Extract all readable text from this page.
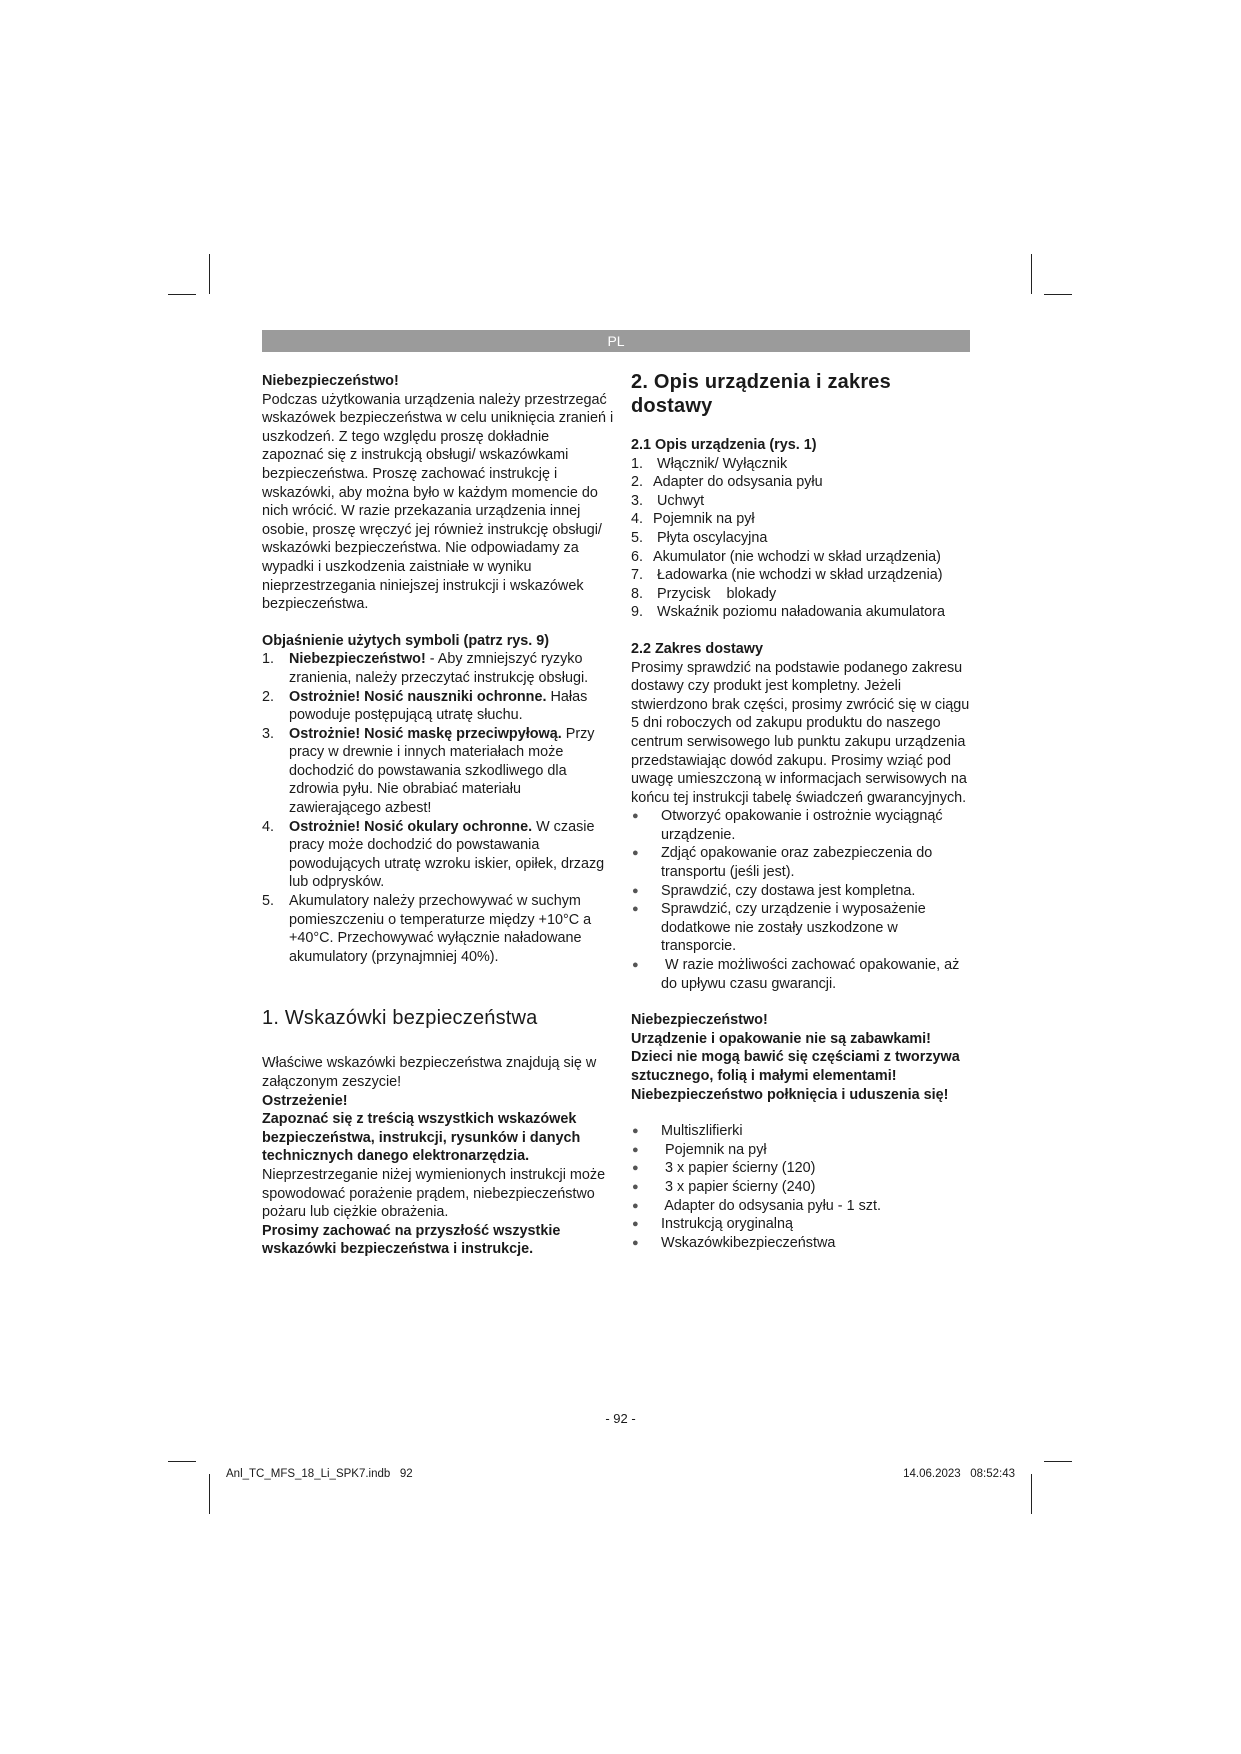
PL

Niebezpieczeństwo!

Podczas użytkowania urządzenia należy przestrzegać wskazówek bezpieczeństwa w celu uniknięcia zranień i uszkodzeń. Z tego względu proszę dokładnie zapoznać się z instrukcją obsługi/ wskazówkami bezpieczeństwa. Proszę zachować instrukcję i wskazówki, aby można było w każdym momencie do nich wrócić. W razie przekazania urządzenia innej osobie, proszę wręczyć jej również instrukcję obsługi/ wskazówki bezpieczeństwa. Nie odpowiadamy za wypadki i uszkodzenia zaistniałe w wyniku nieprzestrzegania niniejszej instrukcji i wskazówek bezpieczeństwa.

Objaśnienie użytych symboli (patrz rys. 9)

1.	Niebezpieczeństwo! - Aby zmniejszyć ryzyko zranienia, należy przeczytać instrukcję obsługi.
2.	Ostrożnie! Nosić nauszniki ochronne. Hałas powoduje postępującą utratę słuchu.
3.	Ostrożnie! Nosić maskę przeciwpyłową. Przy pracy w drewnie i innych materiałach może dochodzić do powstawania szkodliwego dla zdrowia pyłu. Nie obrabiać materiału zawierającego azbest!
4.	Ostrożnie! Nosić okulary ochronne. W czasie pracy może dochodzić do powstawania powodujących utratę wzroku iskier, opiłek, drzazg lub odprysków.
5.	Akumulatory należy przechowywać w suchym pomieszczeniu o temperaturze między +10°C a +40°C. Przechowywać wyłącznie naładowane akumulatory (przynajmniej 40%).
1. Wskazówki bezpieczeństwa

Właściwe wskazówki bezpieczeństwa znajdują się w załączonym zeszycie!

Ostrzeżenie!

Zapoznać się z treścią wszystkich wskazówek bezpieczeństwa, instrukcji, rysunków i danych technicznych danego elektronarzędzia. Nieprzestrzeganie niżej wymienionych instrukcji może spowodować porażenie prądem, niebezpieczeństwo pożaru lub ciężkie obrażenia.

Prosimy zachować na przyszłość wszystkie wskazówki bezpieczeństwa i instrukcje.

2. Opis urządzenia i zakres dostawy
2.1 Opis urządzenia (rys. 1)
1. Włącznik/ Wyłącznik
2. Adapter do odsysania pyłu
3. Uchwyt
4. Pojemnik na pył
5. Płyta oscylacyjna
6. Akumulator (nie wchodzi w skład urządzenia)
7. Ładowarka (nie wchodzi w skład urządzenia)
8. Przycisk    blokady
9. Wskaźnik poziomu naładowania akumulatora
2.2 Zakres dostawy

Prosimy sprawdzić na podstawie podanego zakresu dostawy czy produkt jest kompletny. Jeżeli stwierdzono brak części, prosimy zwrócić się w ciągu 5 dni roboczych od zakupu produktu do naszego centrum serwisowego lub punktu zakupu urządzenia przedstawiając dowód zakupu. Prosimy wziąć pod uwagę umieszczoną w informacjach serwisowych na końcu tej instrukcji tabelę świadczeń gwarancyjnych.

●	Otworzyć opakowanie i ostrożnie wyciągnąć urządzenie.
●	Zdjąć opakowanie oraz zabezpieczenia do transportu (jeśli jest).
●	Sprawdzić, czy dostawa jest kompletna.
●	Sprawdzić, czy urządzenie i wyposażenie dodatkowe nie zostały uszkodzone w transporcie.
●	W razie możliwości zachować opakowanie, aż do upływu czasu gwarancji.

Niebezpieczeństwo!

Urządzenie i opakowanie nie są zabawkami! Dzieci nie mogą bawić się częściami z tworzywa sztucznego, folią i małymi elementami! Niebezpieczeństwo połknięcia i uduszenia się!

●	Multiszlifierki
●	Pojemnik na pył
●	3 x papier ścierny (120)
●	3 x papier ścierny (240)
●	Adapter do odsysania pyłu - 1 szt.
●	Instrukcją oryginalną
●	Wskazówkibezpieczeństwa
- 92 -
Anl_TC_MFS_18_Li_SPK7.indb   92	14.06.2023   08:52:43
